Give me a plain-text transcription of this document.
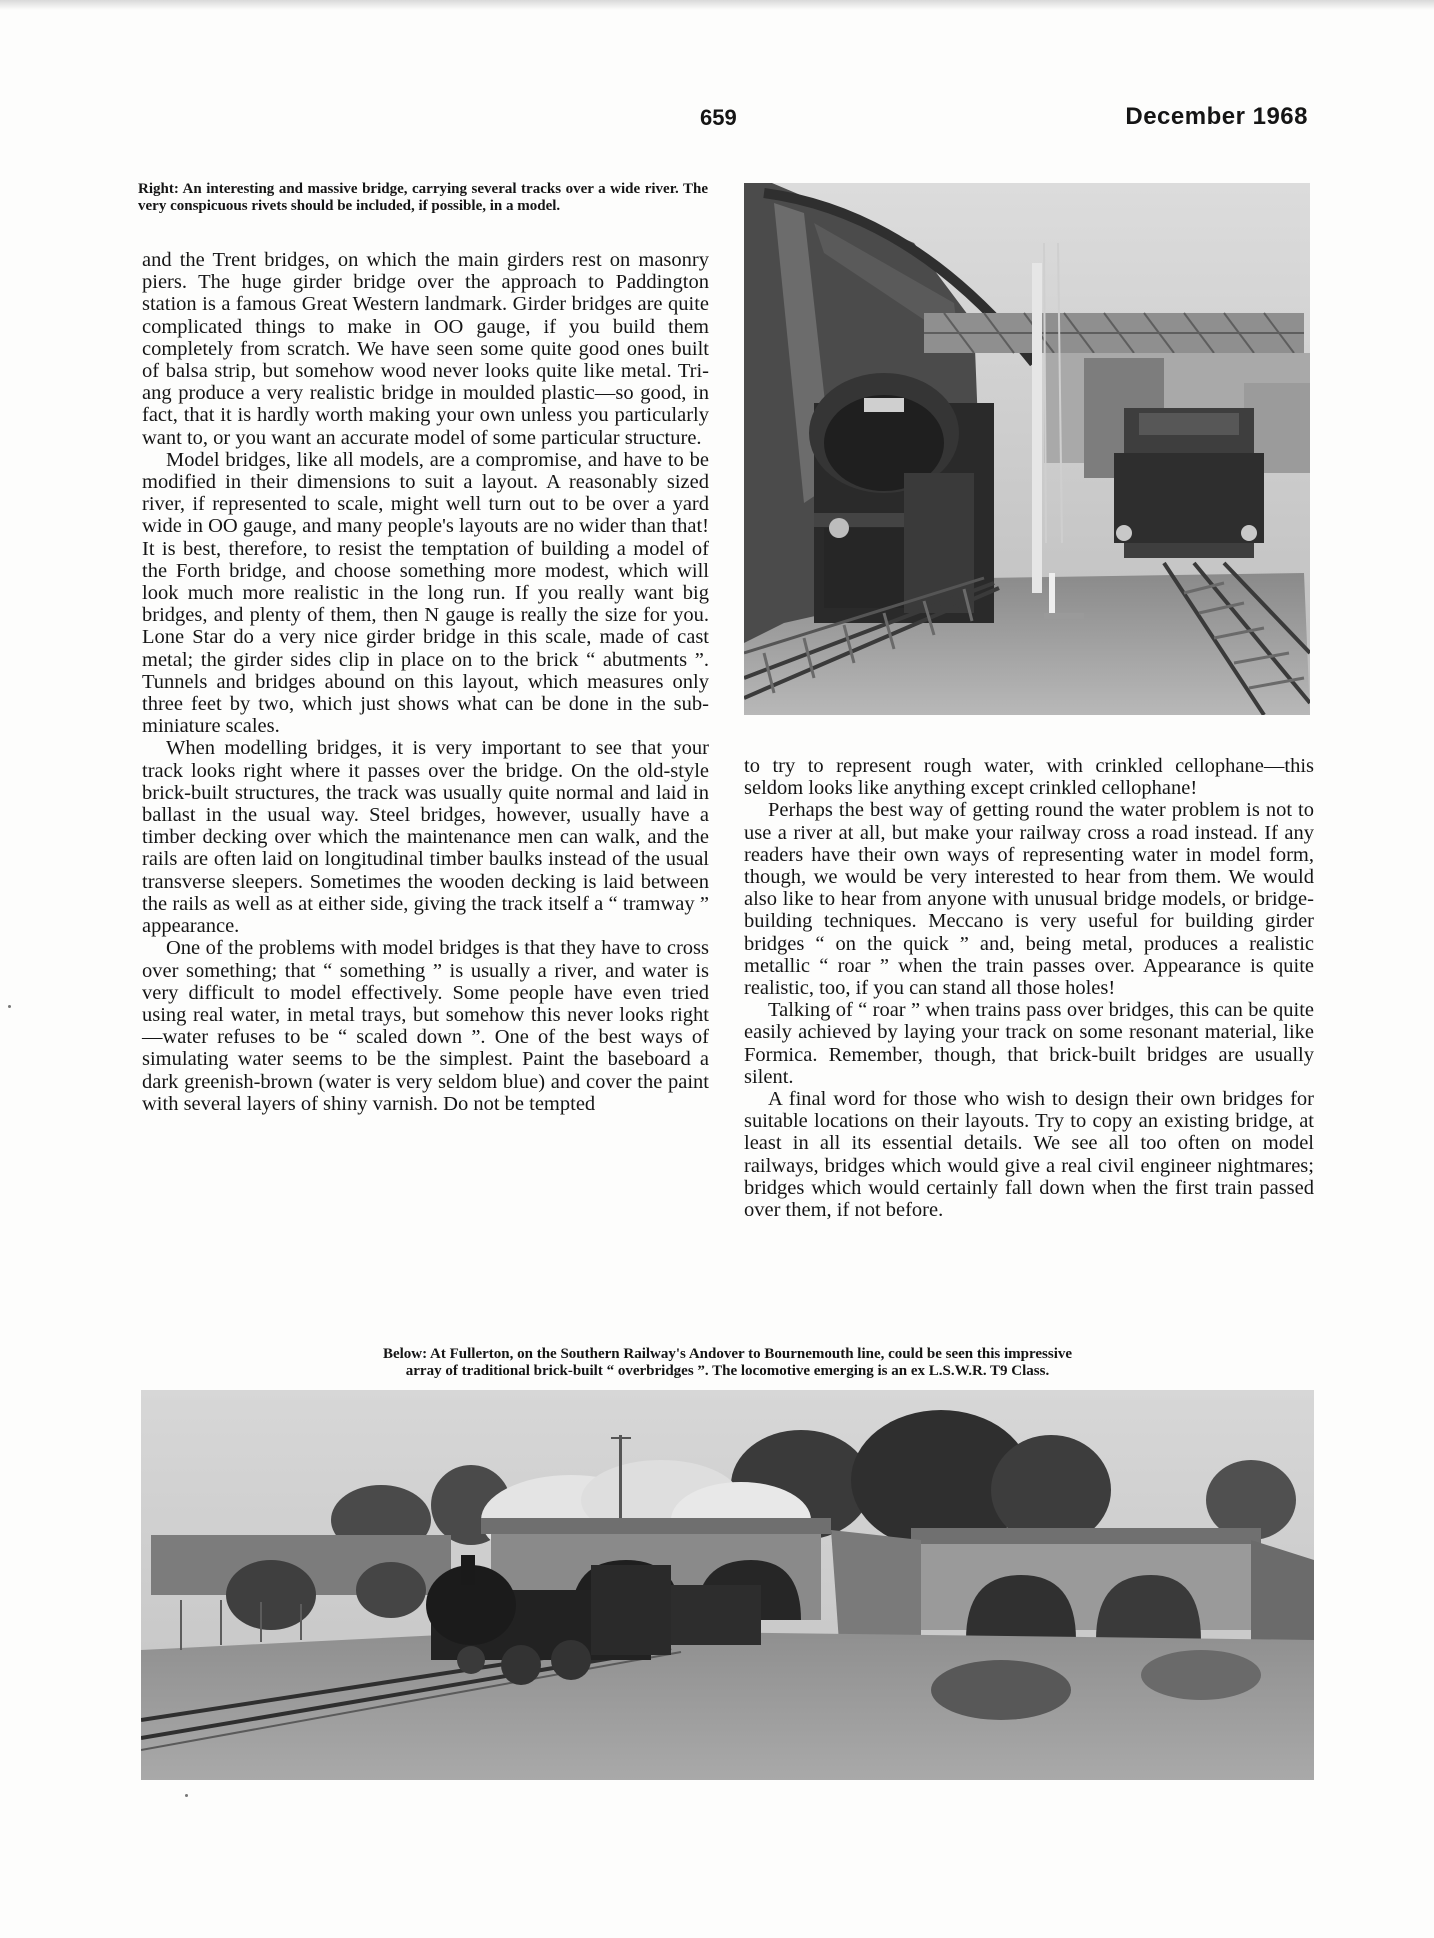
659	December 1968
Right: An interesting and massive bridge, carrying several tracks over a wide river. The very conspicuous rivets should be included, if possible, in a model.

and the Trent bridges, on which the main girders rest on masonry piers. The huge girder bridge over the approach to Paddington station is a famous Great Western landmark. Girder bridges are quite complicated things to make in OO gauge, if you build them completely from scratch. We have seen some quite good ones built of balsa strip, but somehow wood never looks quite like metal. Tri-ang produce a very realistic bridge in moulded plastic—so good, in fact, that it is hardly worth making your own unless you particularly want to, or you want an accurate model of some particular structure.

Model bridges, like all models, are a compromise, and have to be modified in their dimensions to suit a layout. A reasonably sized river, if represented to scale, might well turn out to be over a yard wide in OO gauge, and many people's layouts are no wider than that! It is best, therefore, to resist the temptation of building a model of the Forth bridge, and choose something more modest, which will look much more realistic in the long run. If you really want big bridges, and plenty of them, then N gauge is really the size for you. Lone Star do a very nice girder bridge in this scale, made of cast metal; the girder sides clip in place on to the brick “ abutments ”. Tunnels and bridges abound on this layout, which measures only three feet by two, which just shows what can be done in the sub-miniature scales.

When modelling bridges, it is very important to see that your track looks right where it passes over the bridge. On the old-style brick-built structures, the track was usually quite normal and laid in ballast in the usual way. Steel bridges, however, usually have a timber decking over which the maintenance men can walk, and the rails are often laid on longitudinal timber baulks instead of the usual transverse sleepers. Sometimes the wooden decking is laid between the rails as well as at either side, giving the track itself a “ tramway ” appearance.

One of the problems with model bridges is that they have to cross over something; that “ something ” is usually a river, and water is very difficult to model effectively. Some people have even tried using real water, in metal trays, but somehow this never looks right—water refuses to be “ scaled down ”. One of the best ways of simulating water seems to be the simplest. Paint the baseboard a dark greenish-brown (water is very seldom blue) and cover the paint with several layers of shiny varnish. Do not be tempted

to try to represent rough water, with crinkled cellophane—this seldom looks like anything except crinkled cellophane!

Perhaps the best way of getting round the water problem is not to use a river at all, but make your railway cross a road instead. If any readers have their own ways of representing water in model form, though, we would be very interested to hear from them. We would also like to hear from anyone with unusual bridge models, or bridge-building techniques. Meccano is very useful for building girder bridges “ on the quick ” and, being metal, produces a realistic metallic “ roar ” when the train passes over. Appearance is quite realistic, too, if you can stand all those holes!

Talking of “ roar ” when trains pass over bridges, this can be quite easily achieved by laying your track on some resonant material, like Formica. Remember, though, that brick-built bridges are usually silent.

A final word for those who wish to design their own bridges for suitable locations on their layouts. Try to copy an existing bridge, at least in all its essential details. We see all too often on model railways, bridges which would give a real civil engineer nightmares; bridges which would certainly fall down when the first train passed over them, if not before.

Below: At Fullerton, on the Southern Railway's Andover to Bournemouth line, could be seen this impressive
array of traditional brick-built “ overbridges ”. The locomotive emerging is an ex L.S.W.R. T9 Class.
